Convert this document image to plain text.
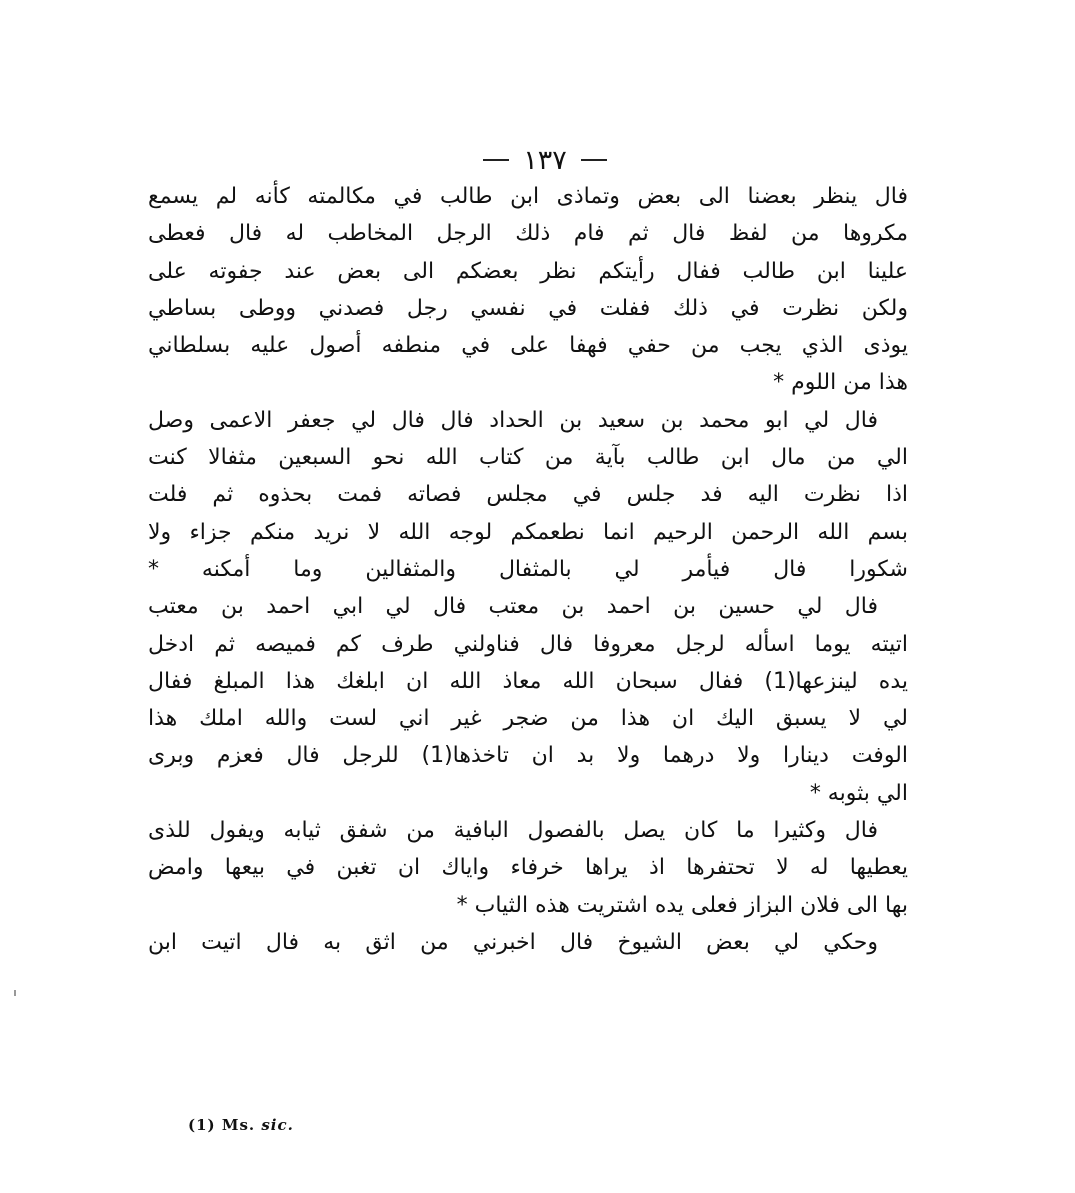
١٣٧
فال ينظر بعضنا الى بعض وتماذى ابن طالب في مكالمته كأنه لم يسمع
مكروها من لفظ فال ثم فام ذلك الرجل المخاطب له فال فعطى
علينا ابن طالب ففال رأيتكم نظر بعضكم الى بعض عند جفوته على
ولكن نظرت في ذلك ففلت في نفسي رجل فصدني ووطى بساطي
يوذى الذي يجب من حفي فهفا على في منطفه أصول عليه بسلطاني
هذا من اللوم *
فال لي ابو محمد بن سعيد بن الحداد فال فال لي جعفر الاعمى وصل
الي من مال ابن طالب بآية من كتاب الله نحو السبعين مثفالا كنت
اذا نظرت اليه فد جلس في مجلس فصاته فمت بحذوه ثم فلت
بسم الله الرحمن الرحيم انما نطعمكم لوجه الله لا نريد منكم جزاء ولا
شكورا فال فيأمر لي بالمثفال والمثفالين وما أمكنه *
فال لي حسين بن احمد بن معتب فال لي ابي احمد بن معتب
اتيته يوما اسأله لرجل معروفا فال فناولني طرف كم فميصه ثم ادخل
يده لينزعها(1) ففال سبحان الله معاذ الله ان ابلغك هذا المبلغ ففال
لي لا يسبق اليك ان هذا من ضجر غير اني لست والله املك هذا
الوفت دينارا ولا درهما ولا بد ان تاخذها(1) للرجل فال فعزم وبرى
الي بثوبه *
فال وكثيرا ما كان يصل بالفصول البافية من شفق ثيابه ويفول للذى
يعطيها له لا تحتفرها اذ يراها خرفاء واياك ان تغبن في بيعها وامض
بها الى فلان البزاز فعلى يده اشتريت هذه الثياب *
وحكي لي بعض الشيوخ فال اخبرني من اثق به فال اتيت ابن
(1) Ms. sic.
